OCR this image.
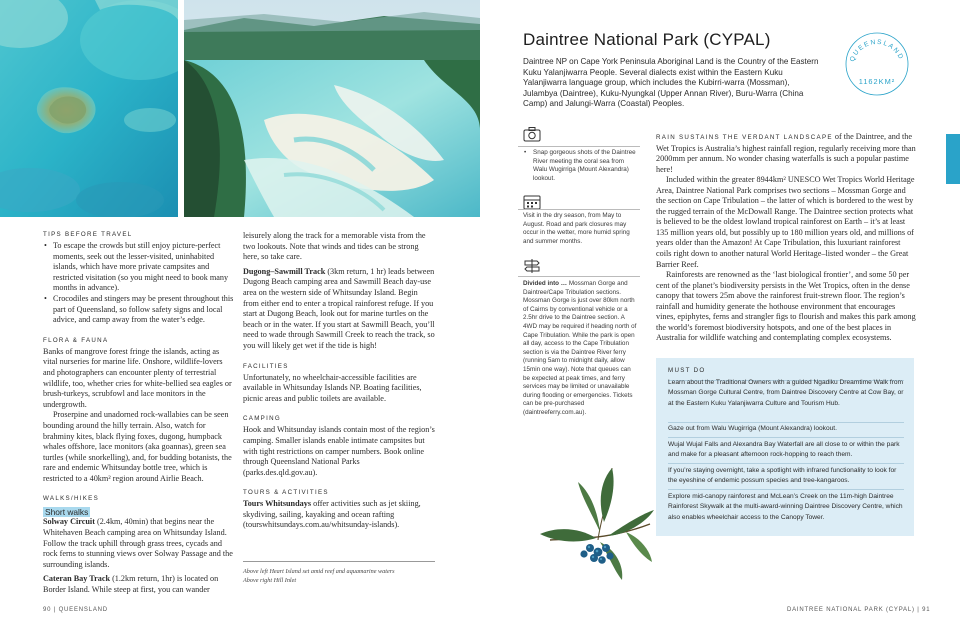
TIPS BEFORE TRAVEL
• To escape the crowds but still enjoy picture-perfect moments, seek out the lesser-visited, uninhabited islands, which have more private campsites and restricted visitation (so you might need to book many months in advance).
• Crocodiles and stingers may be present throughout this part of Queensland, so follow safety signs and local advice, and camp away from the water’s edge.
FLORA & FAUNA

Banks of mangrove forest fringe the islands, acting as vital nurseries for marine life. Onshore, wildlife-lovers and photographers can encounter plenty of terrestrial wildlife, too, whether cries for white-bellied sea eagles or brush-turkeys, scrubfowl and lace monitors in the undergrowth.

Proserpine and unadorned rock-wallabies can be seen bounding around the hilly terrain. Also, watch for brahminy kites, black flying foxes, dugong, humpback whales offshore, lace monitors (aka goannas), green sea turtles (while snorkelling), and, for budding botanists, the rare and endemic Whitsunday bottle tree, which is restricted to a 40km² region around Airlie Beach.

WALKS/HIKES
Short walks

Solway Circuit (2.4km, 40min) that begins near the Whitehaven Beach camping area on Whitsunday Island. Follow the track uphill through grass trees, cycads and rock ferns to stunning views over Solway Passage and the surrounding islands.

Cateran Bay Track (1.2km return, 1hr) is located on Border Island. While steep at first, you can wander

leisurely along the track for a memorable vista from the two lookouts. Note that winds and tides can be strong here, so take care.

Dugong–Sawmill Track (3km return, 1 hr) leads between Dugong Beach camping area and Sawmill Beach day-use area on the western side of Whitsunday Island. Begin from either end to enter a tropical rainforest refuge. If you start at Dugong Beach, look out for marine turtles on the beach or in the water. If you start at Sawmill Beach, you’ll need to wade through Sawmill Creek to reach the track, so you will likely get wet if the tide is high!

FACILITIES
Unfortunately, no wheelchair-accessible facilities are available in Whitsunday Islands NP. Boating facilities, picnic areas and public toilets are available.
CAMPING
Hook and Whitsunday islands contain most of the region’s camping. Smaller islands enable intimate campsites but with tight restrictions on camper numbers. Book online through Queensland National Parks (parks.des.qld.gov.au).
TOURS & ACTIVITIES

Tours Whitsundays offer activities such as jet skiing, skydiving, sailing, kayaking and ocean rafting (tourswhitsundays.com.au/whitsunday-islands).

Above left Heart Island set amid reef and aquamarine waters
Above right Hill Inlet
90 | QUEENSLAND
Daintree National Park (CYPAL)
Daintree NP on Cape York Peninsula Aboriginal Land is the Country of the Eastern Kuku Yalanjiwarra People. Several dialects exist within the Eastern Kuku Yalanjiwarra language group, which includes the Kubirri-warra (Mossman), Julambya (Daintree), Kuku-Nyungkal (Upper Annan River), Buru-Warra (China Camp) and Jalungi-Warra (Coastal) Peoples.
QUEENSLAND
1162KM²
• Snap gorgeous shots of the Daintree River meeting the coral sea from Walu Wugirriga (Mount Alexandra) lookout.
Visit in the dry season, from May to August. Road and park closures may occur in the wetter, more humid spring and summer months.
Divided into … Mossman Gorge and Daintree/Cape Tribulation sections. Mossman Gorge is just over 80km north of Cairns by conventional vehicle or a 2.5hr drive to the Daintree section. A 4WD may be required if heading north of Cape Tribulation. While the park is open all day, access to the Cape Tribulation section is via the Daintree River ferry (running 5am to midnight daily, allow 15min one way). Note that queues can be expected at peak times, and ferry services may be limited or unavailable during flooding or emergencies. Tickets can be pre-purchased (daintreeferry.com.au).

RAIN SUSTAINS THE VERDANT LANDSCAPE of the Daintree, and the Wet Tropics is Australia’s highest rainfall region, regularly receiving more than 2000mm per annum. No wonder chasing waterfalls is such a popular pastime here!

Included within the greater 8944km² UNESCO Wet Tropics World Heritage Area, Daintree National Park comprises two sections – Mossman Gorge and the section on Cape Tribulation – the latter of which is bordered to the west by the rugged terrain of the McDowall Range. The Daintree section protects what is believed to be the oldest lowland tropical rainforest on Earth – it’s at least 135 million years old, but possibly up to 180 million years old, and millions of years older than the Amazon! At Cape Tribulation, this luxuriant rainforest coils right down to another natural World Heritage–listed wonder – the Great Barrier Reef.

Rainforests are renowned as the ‘last biological frontier’, and some 50 per cent of the planet’s biodiversity persists in the Wet Tropics, often in the dense canopy that towers 25m above the rainforest fruit-strewn floor. The region’s rainfall and humidity generate the hothouse environment that encourages vines, epiphytes, ferns and strangler figs to flourish and makes this park among the world’s foremost biodiversity hotspots, and one of the best places in Australia for wildlife watching and contemplating complex ecosystems.

MUST DO
Learn about the Traditional Owners with a guided Ngadiku Dreamtime Walk from Mossman Gorge Cultural Centre, from Daintree Discovery Centre at Cow Bay, or at the Eastern Kuku Yalanjiwarra Culture and Tourism Hub.
Gaze out from Walu Wugirriga (Mount Alexandra) lookout.
Wujal Wujal Falls and Alexandra Bay Waterfall are all close to or within the park and make for a pleasant afternoon rock-hopping to reach them.
If you’re staying overnight, take a spotlight with infrared functionality to look for the eyeshine of endemic possum species and tree-kangaroos.
Explore mid-canopy rainforest and McLean’s Creek on the 11m-high Daintree Rainforest Skywalk at the multi-award-winning Daintree Discovery Centre, which also enables wheelchair access to the Canopy Tower.
DAINTREE NATIONAL PARK (CYPAL) | 91
